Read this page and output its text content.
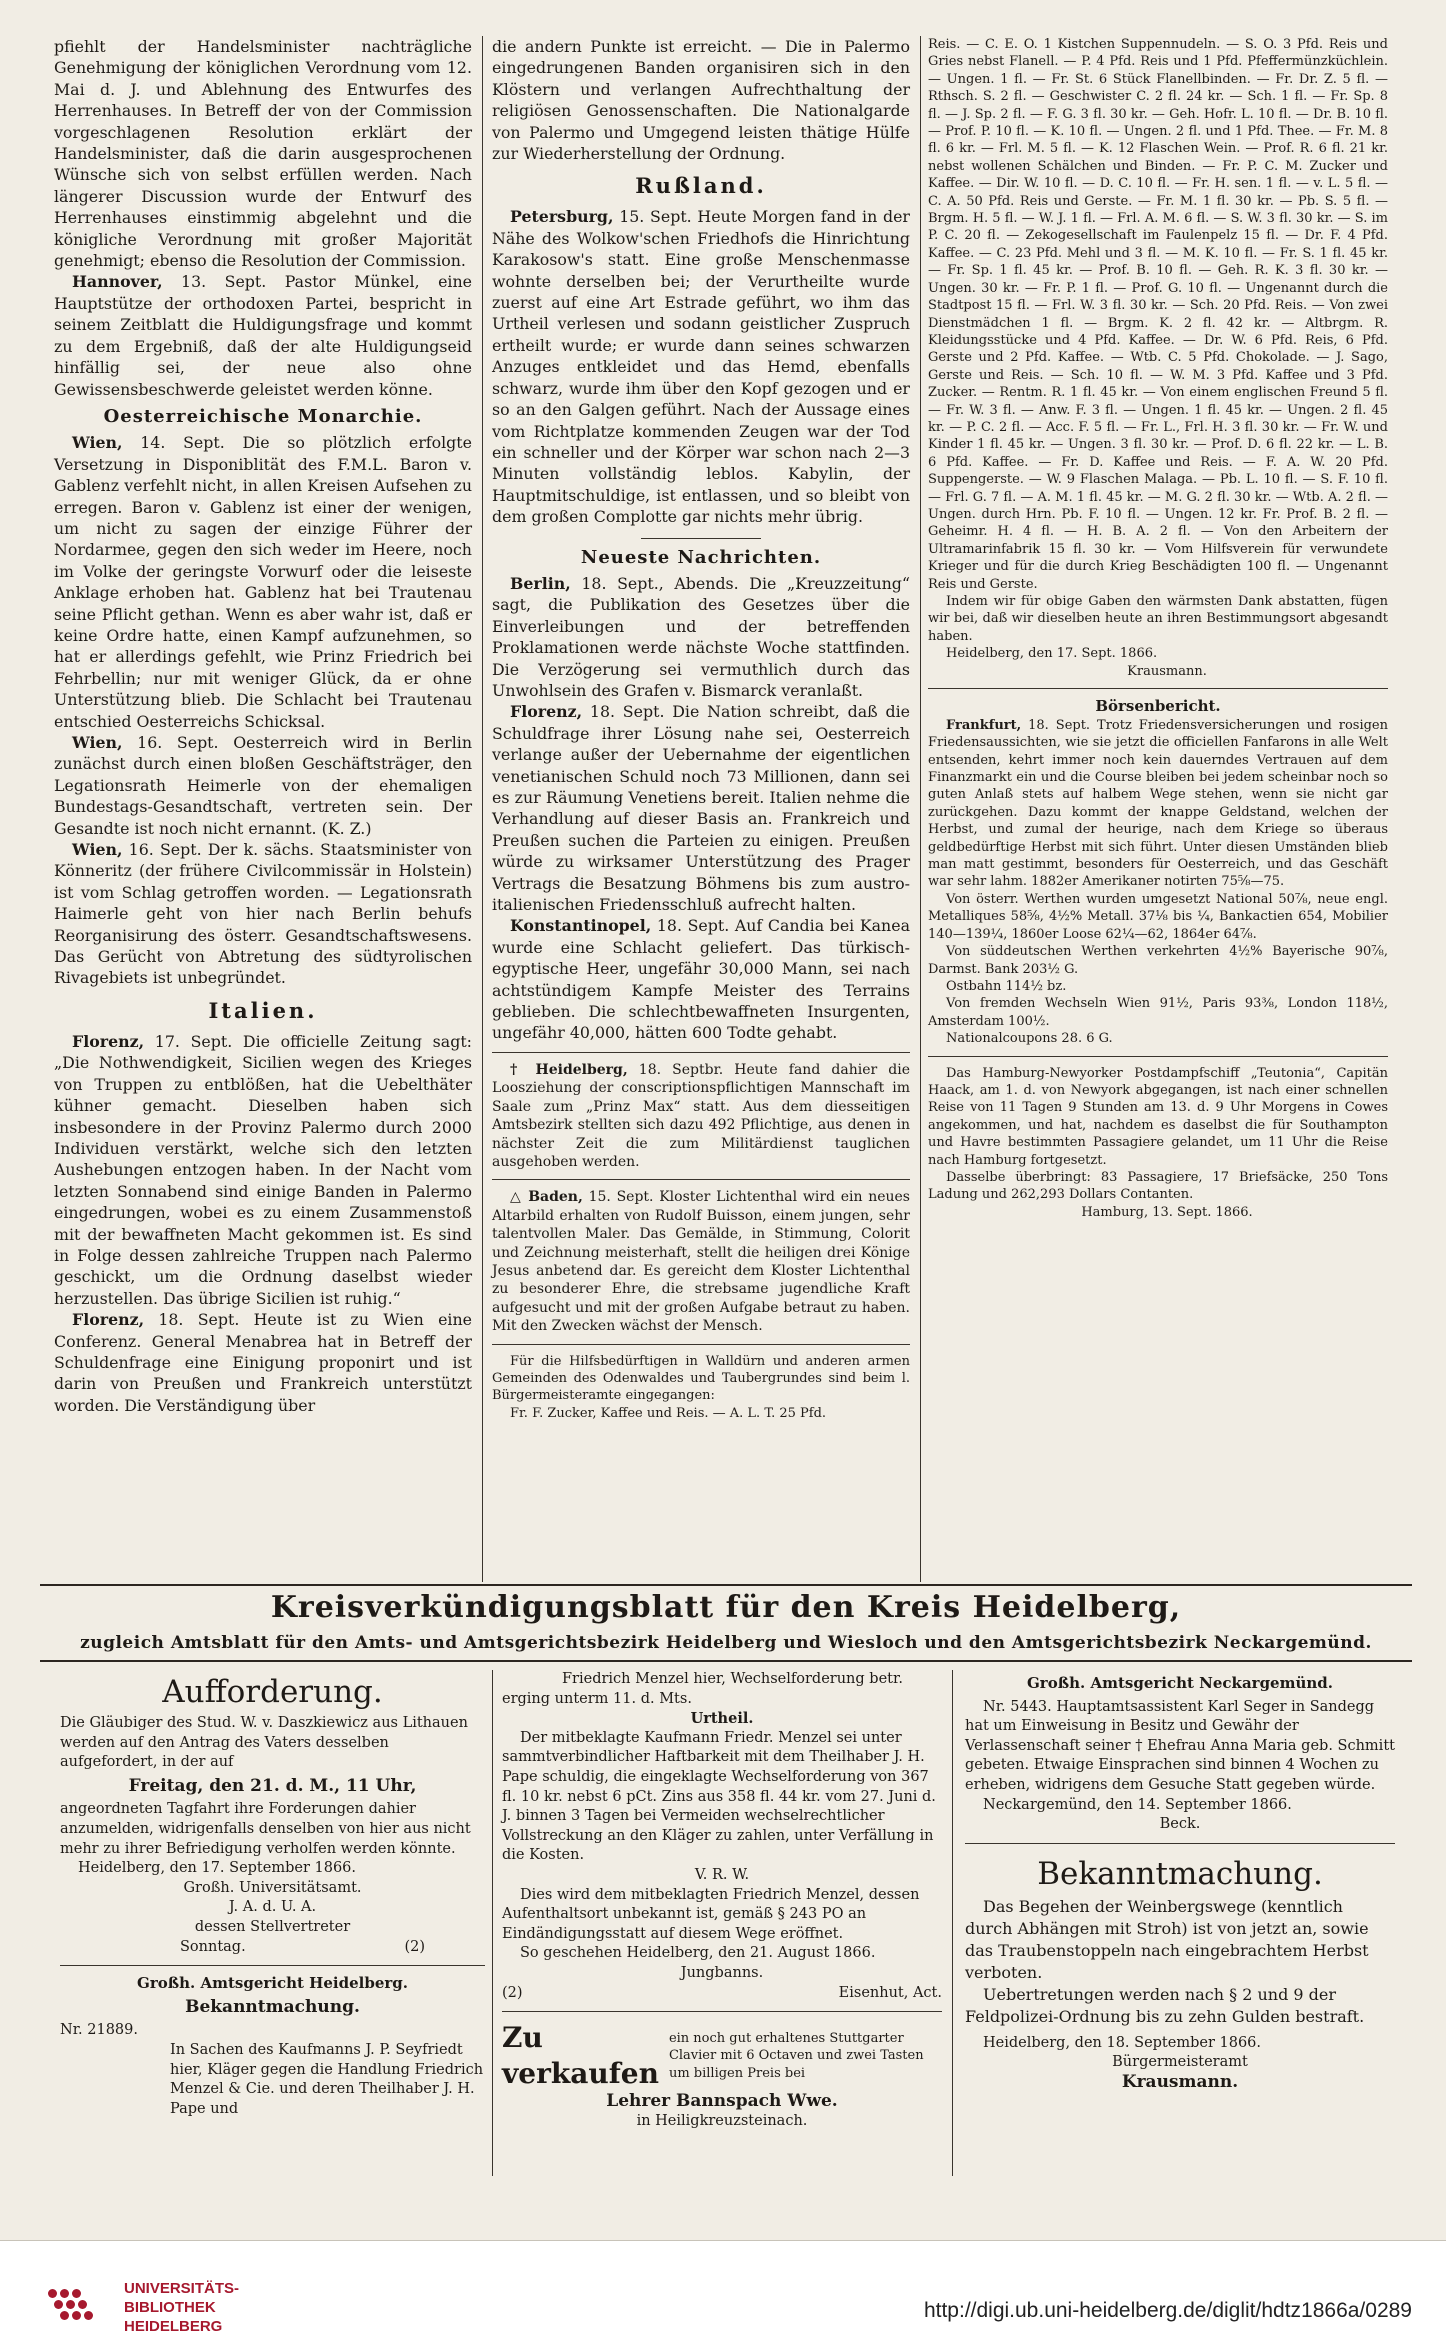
pfiehlt der Handelsminister nachträgliche Genehmigung der königlichen Verordnung vom 12. Mai d. J. und Ablehnung des Entwurfes des Herrenhauses. In Betreff der von der Commission vorgeschlagenen Resolution erklärt der Handelsminister, daß die darin ausgesprochenen Wünsche sich von selbst erfüllen werden. Nach längerer Discussion wurde der Entwurf des Herrenhauses einstimmig abgelehnt und die königliche Verordnung mit großer Majorität genehmigt; ebenso die Resolution der Commission.

Hannover, 13. Sept. Pastor Münkel, eine Hauptstütze der orthodoxen Partei, bespricht in seinem Zeitblatt die Huldigungsfrage und kommt zu dem Ergebniß, daß der alte Huldigungseid hinfällig sei, der neue also ohne Gewissensbeschwerde geleistet werden könne.

Oesterreichische Monarchie.

Wien, 14. Sept. Die so plötzlich erfolgte Versetzung in Disponiblität des F.M.L. Baron v. Gablenz verfehlt nicht, in allen Kreisen Aufsehen zu erregen. Baron v. Gablenz ist einer der wenigen, um nicht zu sagen der einzige Führer der Nordarmee, gegen den sich weder im Heere, noch im Volke der geringste Vorwurf oder die leiseste Anklage erhoben hat. Gablenz hat bei Trautenau seine Pflicht gethan. Wenn es aber wahr ist, daß er keine Ordre hatte, einen Kampf aufzunehmen, so hat er allerdings gefehlt, wie Prinz Friedrich bei Fehrbellin; nur mit weniger Glück, da er ohne Unterstützung blieb. Die Schlacht bei Trautenau entschied Oesterreichs Schicksal.

Wien, 16. Sept. Oesterreich wird in Berlin zunächst durch einen bloßen Geschäftsträger, den Legationsrath Heimerle von der ehemaligen Bundestags-Gesandtschaft, vertreten sein. Der Gesandte ist noch nicht ernannt. (K. Z.)

Wien, 16. Sept. Der k. sächs. Staatsminister von Könneritz (der frühere Civilcommissär in Holstein) ist vom Schlag getroffen worden. — Legationsrath Haimerle geht von hier nach Berlin behufs Reorganisirung des österr. Gesandtschaftswesens. Das Gerücht von Abtretung des südtyrolischen Rivagebiets ist unbegründet.

Italien.

Florenz, 17. Sept. Die officielle Zeitung sagt: „Die Nothwendigkeit, Sicilien wegen des Krieges von Truppen zu entblößen, hat die Uebelthäter kühner gemacht. Dieselben haben sich insbesondere in der Provinz Palermo durch 2000 Individuen verstärkt, welche sich den letzten Aushebungen entzogen haben. In der Nacht vom letzten Sonnabend sind einige Banden in Palermo eingedrungen, wobei es zu einem Zusammenstoß mit der bewaffneten Macht gekommen ist. Es sind in Folge dessen zahlreiche Truppen nach Palermo geschickt, um die Ordnung daselbst wieder herzustellen. Das übrige Sicilien ist ruhig.“

Florenz, 18. Sept. Heute ist zu Wien eine Conferenz. General Menabrea hat in Betreff der Schuldenfrage eine Einigung proponirt und ist darin von Preußen und Frankreich unterstützt worden. Die Verständigung über

die andern Punkte ist erreicht. — Die in Palermo eingedrungenen Banden organisiren sich in den Klöstern und verlangen Aufrechthaltung der religiösen Genossenschaften. Die Nationalgarde von Palermo und Umgegend leisten thätige Hülfe zur Wiederherstellung der Ordnung.

Rußland.

Petersburg, 15. Sept. Heute Morgen fand in der Nähe des Wolkow'schen Friedhofs die Hinrichtung Karakosow's statt. Eine große Menschenmasse wohnte derselben bei; der Verurtheilte wurde zuerst auf eine Art Estrade geführt, wo ihm das Urtheil verlesen und sodann geistlicher Zuspruch ertheilt wurde; er wurde dann seines schwarzen Anzuges entkleidet und das Hemd, ebenfalls schwarz, wurde ihm über den Kopf gezogen und er so an den Galgen geführt. Nach der Aussage eines vom Richtplatze kommenden Zeugen war der Tod ein schneller und der Körper war schon nach 2—3 Minuten vollständig leblos. Kabylin, der Hauptmitschuldige, ist entlassen, und so bleibt von dem großen Complotte gar nichts mehr übrig.

Neueste Nachrichten.

Berlin, 18. Sept., Abends. Die „Kreuzzeitung“ sagt, die Publikation des Gesetzes über die Einverleibungen und der betreffenden Proklamationen werde nächste Woche stattfinden. Die Verzögerung sei vermuthlich durch das Unwohlsein des Grafen v. Bismarck veranlaßt.

Florenz, 18. Sept. Die Nation schreibt, daß die Schuldfrage ihrer Lösung nahe sei, Oesterreich verlange außer der Uebernahme der eigentlichen venetianischen Schuld noch 73 Millionen, dann sei es zur Räumung Venetiens bereit. Italien nehme die Verhandlung auf dieser Basis an. Frankreich und Preußen suchen die Parteien zu einigen. Preußen würde zu wirksamer Unterstützung des Prager Vertrags die Besatzung Böhmens bis zum austro-italienischen Friedensschluß aufrecht halten.

Konstantinopel, 18. Sept. Auf Candia bei Kanea wurde eine Schlacht geliefert. Das türkisch-egyptische Heer, ungefähr 30,000 Mann, sei nach achtstündigem Kampfe Meister des Terrains geblieben. Die schlechtbewaffneten Insurgenten, ungefähr 40,000, hätten 600 Todte gehabt.

† Heidelberg, 18. Septbr. Heute fand dahier die Loosziehung der conscriptionspflichtigen Mannschaft im Saale zum „Prinz Max“ statt. Aus dem diesseitigen Amtsbezirk stellten sich dazu 492 Pflichtige, aus denen in nächster Zeit die zum Militärdienst tauglichen ausgehoben werden.

△ Baden, 15. Sept. Kloster Lichtenthal wird ein neues Altarbild erhalten von Rudolf Buisson, einem jungen, sehr talentvollen Maler. Das Gemälde, in Stimmung, Colorit und Zeichnung meisterhaft, stellt die heiligen drei Könige Jesus anbetend dar. Es gereicht dem Kloster Lichtenthal zu besonderer Ehre, die strebsame jugendliche Kraft aufgesucht und mit der großen Aufgabe betraut zu haben. Mit den Zwecken wächst der Mensch.

Für die Hilfsbedürftigen in Walldürn und anderen armen Gemeinden des Odenwaldes und Taubergrundes sind beim l. Bürgermeisteramte eingegangen:

Fr. F. Zucker, Kaffee und Reis. — A. L. T. 25 Pfd.

Reis. — C. E. O. 1 Kistchen Suppennudeln. — S. O. 3 Pfd. Reis und Gries nebst Flanell. — P. 4 Pfd. Reis und 1 Pfd. Pfeffermünzküchlein. — Ungen. 1 fl. — Fr. St. 6 Stück Flanellbinden. — Fr. Dr. Z. 5 fl. — Rthsch. S. 2 fl. — Geschwister C. 2 fl. 24 kr. — Sch. 1 fl. — Fr. Sp. 8 fl. — J. Sp. 2 fl. — F. G. 3 fl. 30 kr. — Geh. Hofr. L. 10 fl. — Dr. B. 10 fl. — Prof. P. 10 fl. — K. 10 fl. — Ungen. 2 fl. und 1 Pfd. Thee. — Fr. M. 8 fl. 6 kr. — Frl. M. 5 fl. — K. 12 Flaschen Wein. — Prof. R. 6 fl. 21 kr. nebst wollenen Schälchen und Binden. — Fr. P. C. M. Zucker und Kaffee. — Dir. W. 10 fl. — D. C. 10 fl. — Fr. H. sen. 1 fl. — v. L. 5 fl. — C. A. 50 Pfd. Reis und Gerste. — Fr. M. 1 fl. 30 kr. — Pb. S. 5 fl. — Brgm. H. 5 fl. — W. J. 1 fl. — Frl. A. M. 6 fl. — S. W. 3 fl. 30 kr. — S. im P. C. 20 fl. — Zekogesellschaft im Faulenpelz 15 fl. — Dr. F. 4 Pfd. Kaffee. — C. 23 Pfd. Mehl und 3 fl. — M. K. 10 fl. — Fr. S. 1 fl. 45 kr. — Fr. Sp. 1 fl. 45 kr. — Prof. B. 10 fl. — Geh. R. K. 3 fl. 30 kr. — Ungen. 30 kr. — Fr. P. 1 fl. — Prof. G. 10 fl. — Ungenannt durch die Stadtpost 15 fl. — Frl. W. 3 fl. 30 kr. — Sch. 20 Pfd. Reis. — Von zwei Dienstmädchen 1 fl. — Brgm. K. 2 fl. 42 kr. — Altbrgm. R. Kleidungsstücke und 4 Pfd. Kaffee. — Dr. W. 6 Pfd. Reis, 6 Pfd. Gerste und 2 Pfd. Kaffee. — Wtb. C. 5 Pfd. Chokolade. — J. Sago, Gerste und Reis. — Sch. 10 fl. — W. M. 3 Pfd. Kaffee und 3 Pfd. Zucker. — Rentm. R. 1 fl. 45 kr. — Von einem englischen Freund 5 fl. — Fr. W. 3 fl. — Anw. F. 3 fl. — Ungen. 1 fl. 45 kr. — Ungen. 2 fl. 45 kr. — P. C. 2 fl. — Acc. F. 5 fl. — Fr. L., Frl. H. 3 fl. 30 kr. — Fr. W. und Kinder 1 fl. 45 kr. — Ungen. 3 fl. 30 kr. — Prof. D. 6 fl. 22 kr. — L. B. 6 Pfd. Kaffee. — Fr. D. Kaffee und Reis. — F. A. W. 20 Pfd. Suppengerste. — W. 9 Flaschen Malaga. — Pb. L. 10 fl. — S. F. 10 fl. — Frl. G. 7 fl. — A. M. 1 fl. 45 kr. — M. G. 2 fl. 30 kr. — Wtb. A. 2 fl. — Ungen. durch Hrn. Pb. F. 10 fl. — Ungen. 12 kr. Fr. Prof. B. 2 fl. — Geheimr. H. 4 fl. — H. B. A. 2 fl. — Von den Arbeitern der Ultramarinfabrik 15 fl. 30 kr. — Vom Hilfsverein für verwundete Krieger und für die durch Krieg Beschädigten 100 fl. — Ungenannt Reis und Gerste.

Indem wir für obige Gaben den wärmsten Dank abstatten, fügen wir bei, daß wir dieselben heute an ihren Bestimmungsort abgesandt haben.

Heidelberg, den 17. Sept. 1866.

Krausmann.

Börsenbericht.

Frankfurt, 18. Sept. Trotz Friedensversicherungen und rosigen Friedensaussichten, wie sie jetzt die officiellen Fanfarons in alle Welt entsenden, kehrt immer noch kein dauerndes Vertrauen auf dem Finanzmarkt ein und die Course bleiben bei jedem scheinbar noch so guten Anlaß stets auf halbem Wege stehen, wenn sie nicht gar zurückgehen. Dazu kommt der knappe Geldstand, welchen der Herbst, und zumal der heurige, nach dem Kriege so überaus geldbedürftige Herbst mit sich führt. Unter diesen Umständen blieb man matt gestimmt, besonders für Oesterreich, und das Geschäft war sehr lahm. 1882er Amerikaner notirten 75⅝—75.

Von österr. Werthen wurden umgesetzt National 50⅞, neue engl. Metalliques 58⅝, 4½% Metall. 37⅛ bis ¼, Bankactien 654, Mobilier 140—139¼, 1860er Loose 62¼—62, 1864er 64⅞.

Von süddeutschen Werthen verkehrten 4½% Bayerische 90⅞, Darmst. Bank 203½ G.

Ostbahn 114½ bz.

Von fremden Wechseln Wien 91½, Paris 93⅜, London 118½, Amsterdam 100½.

Nationalcoupons 28. 6 G.

Das Hamburg-Newyorker Postdampfschiff „Teutonia“, Capitän Haack, am 1. d. von Newyork abgegangen, ist nach einer schnellen Reise von 11 Tagen 9 Stunden am 13. d. 9 Uhr Morgens in Cowes angekommen, und hat, nachdem es daselbst die für Southampton und Havre bestimmten Passagiere gelandet, um 11 Uhr die Reise nach Hamburg fortgesetzt.

Dasselbe überbringt: 83 Passagiere, 17 Briefsäcke, 250 Tons Ladung und 262,293 Dollars Contanten.

Hamburg, 13. Sept. 1866.

Kreisverkündigungsblatt für den Kreis Heidelberg,
zugleich Amtsblatt für den Amts- und Amtsgerichtsbezirk Heidelberg und Wiesloch und den Amtsgerichtsbezirk Neckargemünd.
Aufforderung.
Die Gläubiger des Stud. W. v. Daszkiewicz aus Lithauen werden auf den Antrag des Vaters desselben aufgefordert, in der auf
Freitag, den 21. d. M., 11 Uhr,
angeordneten Tagfahrt ihre Forderungen dahier anzumelden, widrigenfalls denselben von hier aus nicht mehr zu ihrer Befriedigung verholfen werden könnte.
Heidelberg, den 17. September 1866.
Großh. Universitätsamt.
J. A. d. U. A.
dessen Stellvertreter
Sonntag.	(2)
Großh. Amtsgericht Heidelberg.
Bekanntmachung.
Nr. 21889.
In Sachen des Kaufmanns J. P. Seyfriedt hier, Kläger gegen die Handlung Friedrich Menzel & Cie. und deren Theilhaber J. H. Pape und
Friedrich Menzel hier, Wechselforderung betr.
erging unterm 11. d. Mts.
Urtheil.
Der mitbeklagte Kaufmann Friedr. Menzel sei unter sammtverbindlicher Haftbarkeit mit dem Theilhaber J. H. Pape schuldig, die eingeklagte Wechselforderung von 367 fl. 10 kr. nebst 6 pCt. Zins aus 358 fl. 44 kr. vom 27. Juni d. J. binnen 3 Tagen bei Vermeiden wechselrechtlicher Vollstreckung an den Kläger zu zahlen, unter Verfällung in die Kosten.
V. R. W.
Dies wird dem mitbeklagten Friedrich Menzel, dessen Aufenthaltsort unbekannt ist, gemäß § 243 PO an Eindändigungsstatt auf diesem Wege eröffnet.
So geschehen Heidelberg, den 21. August 1866.
Jungbanns.
(2)	Eisenhut, Act.
Zu verkaufen
ein noch gut erhaltenes Stuttgarter Clavier mit 6 Octaven und zwei Tasten um billigen Preis bei
Lehrer Bannspach Wwe.
in Heiligkreuzsteinach.
Großh. Amtsgericht Neckargemünd.
Nr. 5443. Hauptamtsassistent Karl Seger in Sandegg hat um Einweisung in Besitz und Gewähr der Verlassenschaft seiner † Ehefrau Anna Maria geb. Schmitt gebeten. Etwaige Einsprachen sind binnen 4 Wochen zu erheben, widrigens dem Gesuche Statt gegeben würde.
Neckargemünd, den 14. September 1866.
Beck.
Bekanntmachung.
Das Begehen der Weinbergswege (kenntlich durch Abhängen mit Stroh) ist von jetzt an, sowie das Traubenstoppeln nach eingebrachtem Herbst verboten.
Uebertretungen werden nach § 2 und 9 der Feldpolizei-Ordnung bis zu zehn Gulden bestraft.
Heidelberg, den 18. September 1866.
Bürgermeisteramt
Krausmann.
UNIVERSITÄTS-
BIBLIOTHEK
HEIDELBERG
http://digi.ub.uni-heidelberg.de/diglit/hdtz1866a/0289
